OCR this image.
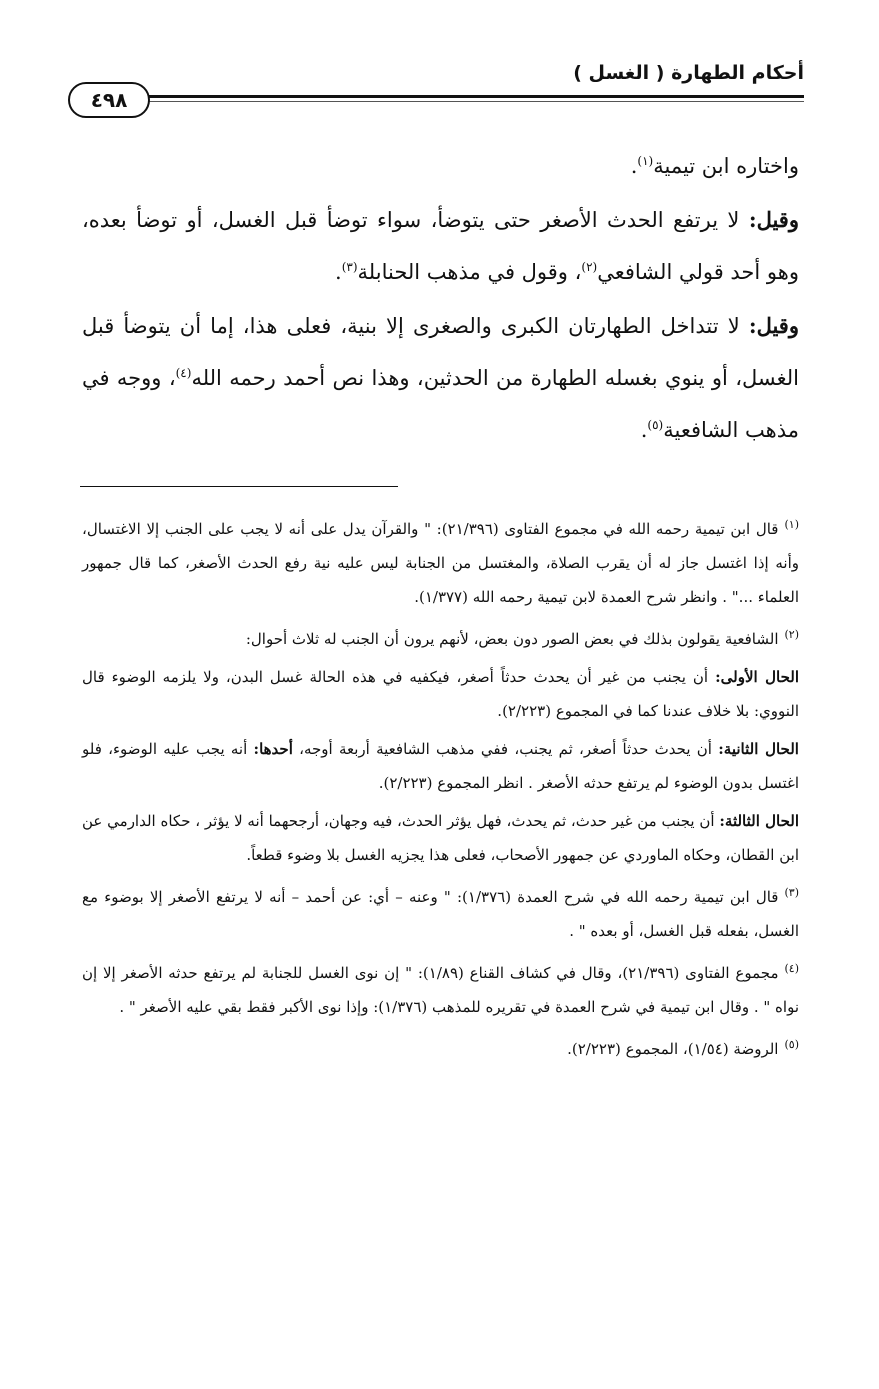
أحكام الطهارة ( الغسل )
٤٩٨

واختاره ابن تيمية$^{(١)}$.

وقيل: لا يرتفع الحدث الأصغر حتى يتوضأ، سواء توضأ قبل الغسل، أو توضأ بعده، وهو أحد قولي الشافعي$^{(٢)}$، وقول في مذهب الحنابلة$^{(٣)}$.

وقيل: لا تتداخل الطهارتان الكبرى والصغرى إلا بنية، فعلى هذا، إما أن يتوضأ قبل الغسل، أو ينوي بغسله الطهارة من الحدثين، وهذا نص أحمد رحمه الله$^{(٤)}$، ووجه في مذهب الشافعية$^{(٥)}$.

$^{(١)}$قال ابن تيمية رحمه الله في مجموع الفتاوى (٢١/٣٩٦): " والقرآن يدل على أنه لا يجب على الجنب إلا الاغتسال، وأنه إذا اغتسل جاز له أن يقرب الصلاة، والمغتسل من الجنابة ليس عليه نية رفع الحدث الأصغر، كما قال جمهور العلماء ..." . وانظر شرح العمدة لابن تيمية رحمه الله (١/٣٧٧).

$^{(٢)}$الشافعية يقولون بذلك في بعض الصور دون بعض، لأنهم يرون أن الجنب له ثلاث أحوال:

الحال الأولى: أن يجنب من غير أن يحدث حدثاً أصغر، فيكفيه في هذه الحالة غسل البدن، ولا يلزمه الوضوء قال النووي: بلا خلاف عندنا كما في المجموع (٢/٢٢٣).

الحال الثانية: أن يحدث حدثاً أصغر، ثم يجنب، ففي مذهب الشافعية أربعة أوجه، أحدها: أنه يجب عليه الوضوء، فلو اغتسل بدون الوضوء لم يرتفع حدثه الأصغر . انظر المجموع (٢/٢٢٣).

الحال الثالثة: أن يجنب من غير حدث، ثم يحدث، فهل يؤثر الحدث، فيه وجهان، أرجحهما أنه لا يؤثر ، حكاه الدارمي عن ابن القطان، وحكاه الماوردي عن جمهور الأصحاب، فعلى هذا يجزيه الغسل بلا وضوء قطعاً.

$^{(٣)}$قال ابن تيمية رحمه الله في شرح العمدة (١/٣٧٦): " وعنه – أي: عن أحمد – أنه لا يرتفع الأصغر إلا بوضوء مع الغسل، بفعله قبل الغسل، أو بعده " .

$^{(٤)}$مجموع الفتاوى (٢١/٣٩٦)، وقال في كشاف القناع (١/٨٩): " إن نوى الغسل للجنابة لم يرتفع حدثه الأصغر إلا إن نواه " . وقال ابن تيمية في شرح العمدة في تقريره للمذهب (١/٣٧٦): وإذا نوى الأكبر فقط بقي عليه الأصغر " .

$^{(٥)}$الروضة (١/٥٤)، المجموع (٢/٢٢٣).
